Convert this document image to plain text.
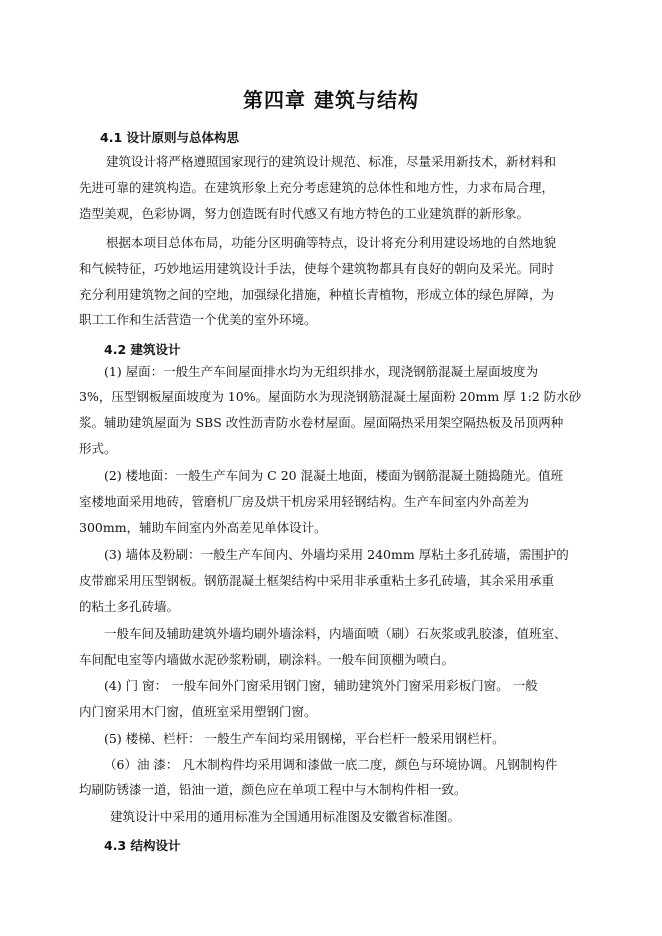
第四章 建筑与结构
4.1 设计原则与总体构思
建筑设计将严格遵照国家现行的建筑设计规范、标准，尽量采用新技术，新材料和
先进可靠的建筑构造。在建筑形象上充分考虑建筑的总体性和地方性，力求布局合理，
造型美观，色彩协调，努力创造既有时代感又有地方特色的工业建筑群的新形象。
根据本项目总体布局，功能分区明确等特点，设计将充分利用建设场地的自然地貌
和气候特征，巧妙地运用建筑设计手法，使每个建筑物都具有良好的朝向及采光。同时
充分利用建筑物之间的空地，加强绿化措施，种植长青植物，形成立体的绿色屏障，为
职工工作和生活营造一个优美的室外环境。
4.2 建筑设计
(1) 屋面：一般生产车间屋面排水均为无组织排水，现浇钢筋混凝土屋面坡度为
3%，压型钢板屋面坡度为 10%。屋面防水为现浇钢筋混凝土屋面粉 20mm 厚 1:2 防水砂
浆。辅助建筑屋面为 SBS 改性沥青防水卷材屋面。屋面隔热采用架空隔热板及吊顶两种
形式。
(2) 楼地面：一般生产车间为 C 20 混凝土地面，楼面为钢筋混凝土随捣随光。值班
室楼地面采用地砖，管磨机厂房及烘干机房采用轻钢结构。生产车间室内外高差为
300mm，辅助车间室内外高差见单体设计。
(3) 墙体及粉刷：一般生产车间内、外墙均采用 240mm 厚粘土多孔砖墙，需围护的
皮带廊采用压型钢板。钢筋混凝土框架结构中采用非承重粘土多孔砖墙，其余采用承重
的粘土多孔砖墙。
一般车间及辅助建筑外墙均刷外墙涂料，内墙面喷（刷）石灰浆或乳胶漆，值班室、
车间配电室等内墙做水泥砂浆粉刷，刷涂料。一般车间顶棚为喷白。
(4) 门 窗： 一般车间外门窗采用钢门窗，辅助建筑外门窗采用彩板门窗。 一般
内门窗采用木门窗，值班室采用塑钢门窗。
(5) 楼梯、栏杆： 一般生产车间均采用钢梯，平台栏杆一般采用钢栏杆。
（6）油 漆： 凡木制构件均采用调和漆做一底二度，颜色与环境协调。凡钢制构件
均刷防锈漆一道，铅油一道，颜色应在单项工程中与木制构件相一致。
建筑设计中采用的通用标准为全国通用标准图及安徽省标准图。
4.3 结构设计
